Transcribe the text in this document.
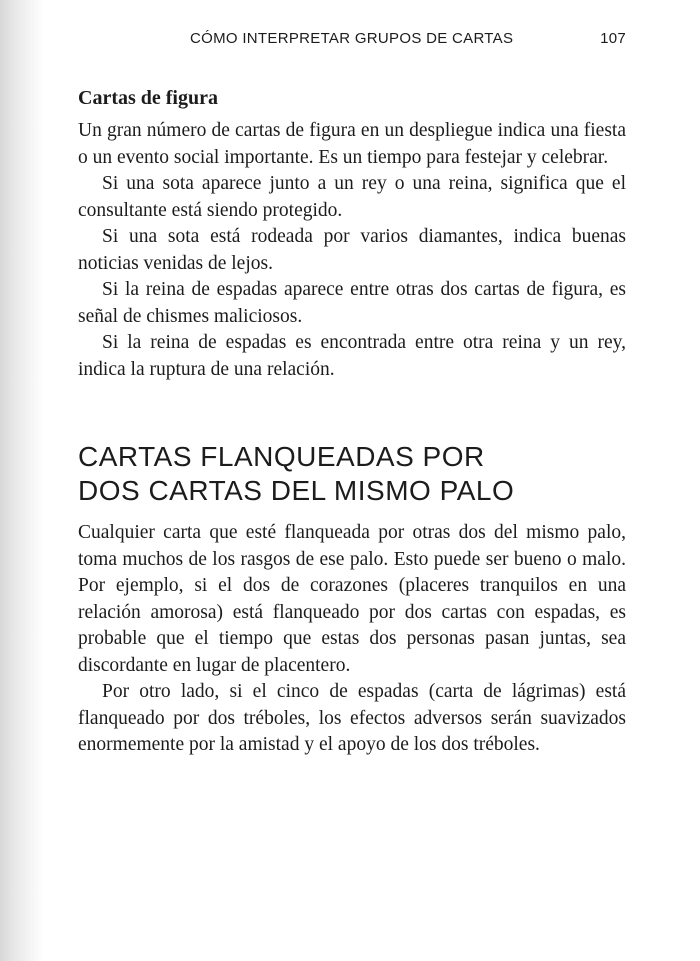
CÓMO INTERPRETAR GRUPOS DE CARTAS	107
Cartas de figura

Un gran número de cartas de figura en un despliegue indica una fiesta o un evento social importante. Es un tiempo para festejar y celebrar.

Si una sota aparece junto a un rey o una reina, significa que el consultante está siendo protegido.

Si una sota está rodeada por varios diamantes, indica buenas noticias venidas de lejos.

Si la reina de espadas aparece entre otras dos cartas de figura, es señal de chismes maliciosos.

Si la reina de espadas es encontrada entre otra reina y un rey, indica la ruptura de una relación.

CARTAS FLANQUEADAS POR
DOS CARTAS DEL MISMO PALO

Cualquier carta que esté flanqueada por otras dos del mismo palo, toma muchos de los rasgos de ese palo. Esto puede ser bueno o malo. Por ejemplo, si el dos de corazones (placeres tranquilos en una relación amorosa) está flanqueado por dos cartas con espadas, es probable que el tiempo que estas dos personas pasan juntas, sea discordante en lugar de placentero.

Por otro lado, si el cinco de espadas (carta de lágrimas) está flanqueado por dos tréboles, los efectos adversos serán suavizados enormemente por la amistad y el apoyo de los dos tréboles.
